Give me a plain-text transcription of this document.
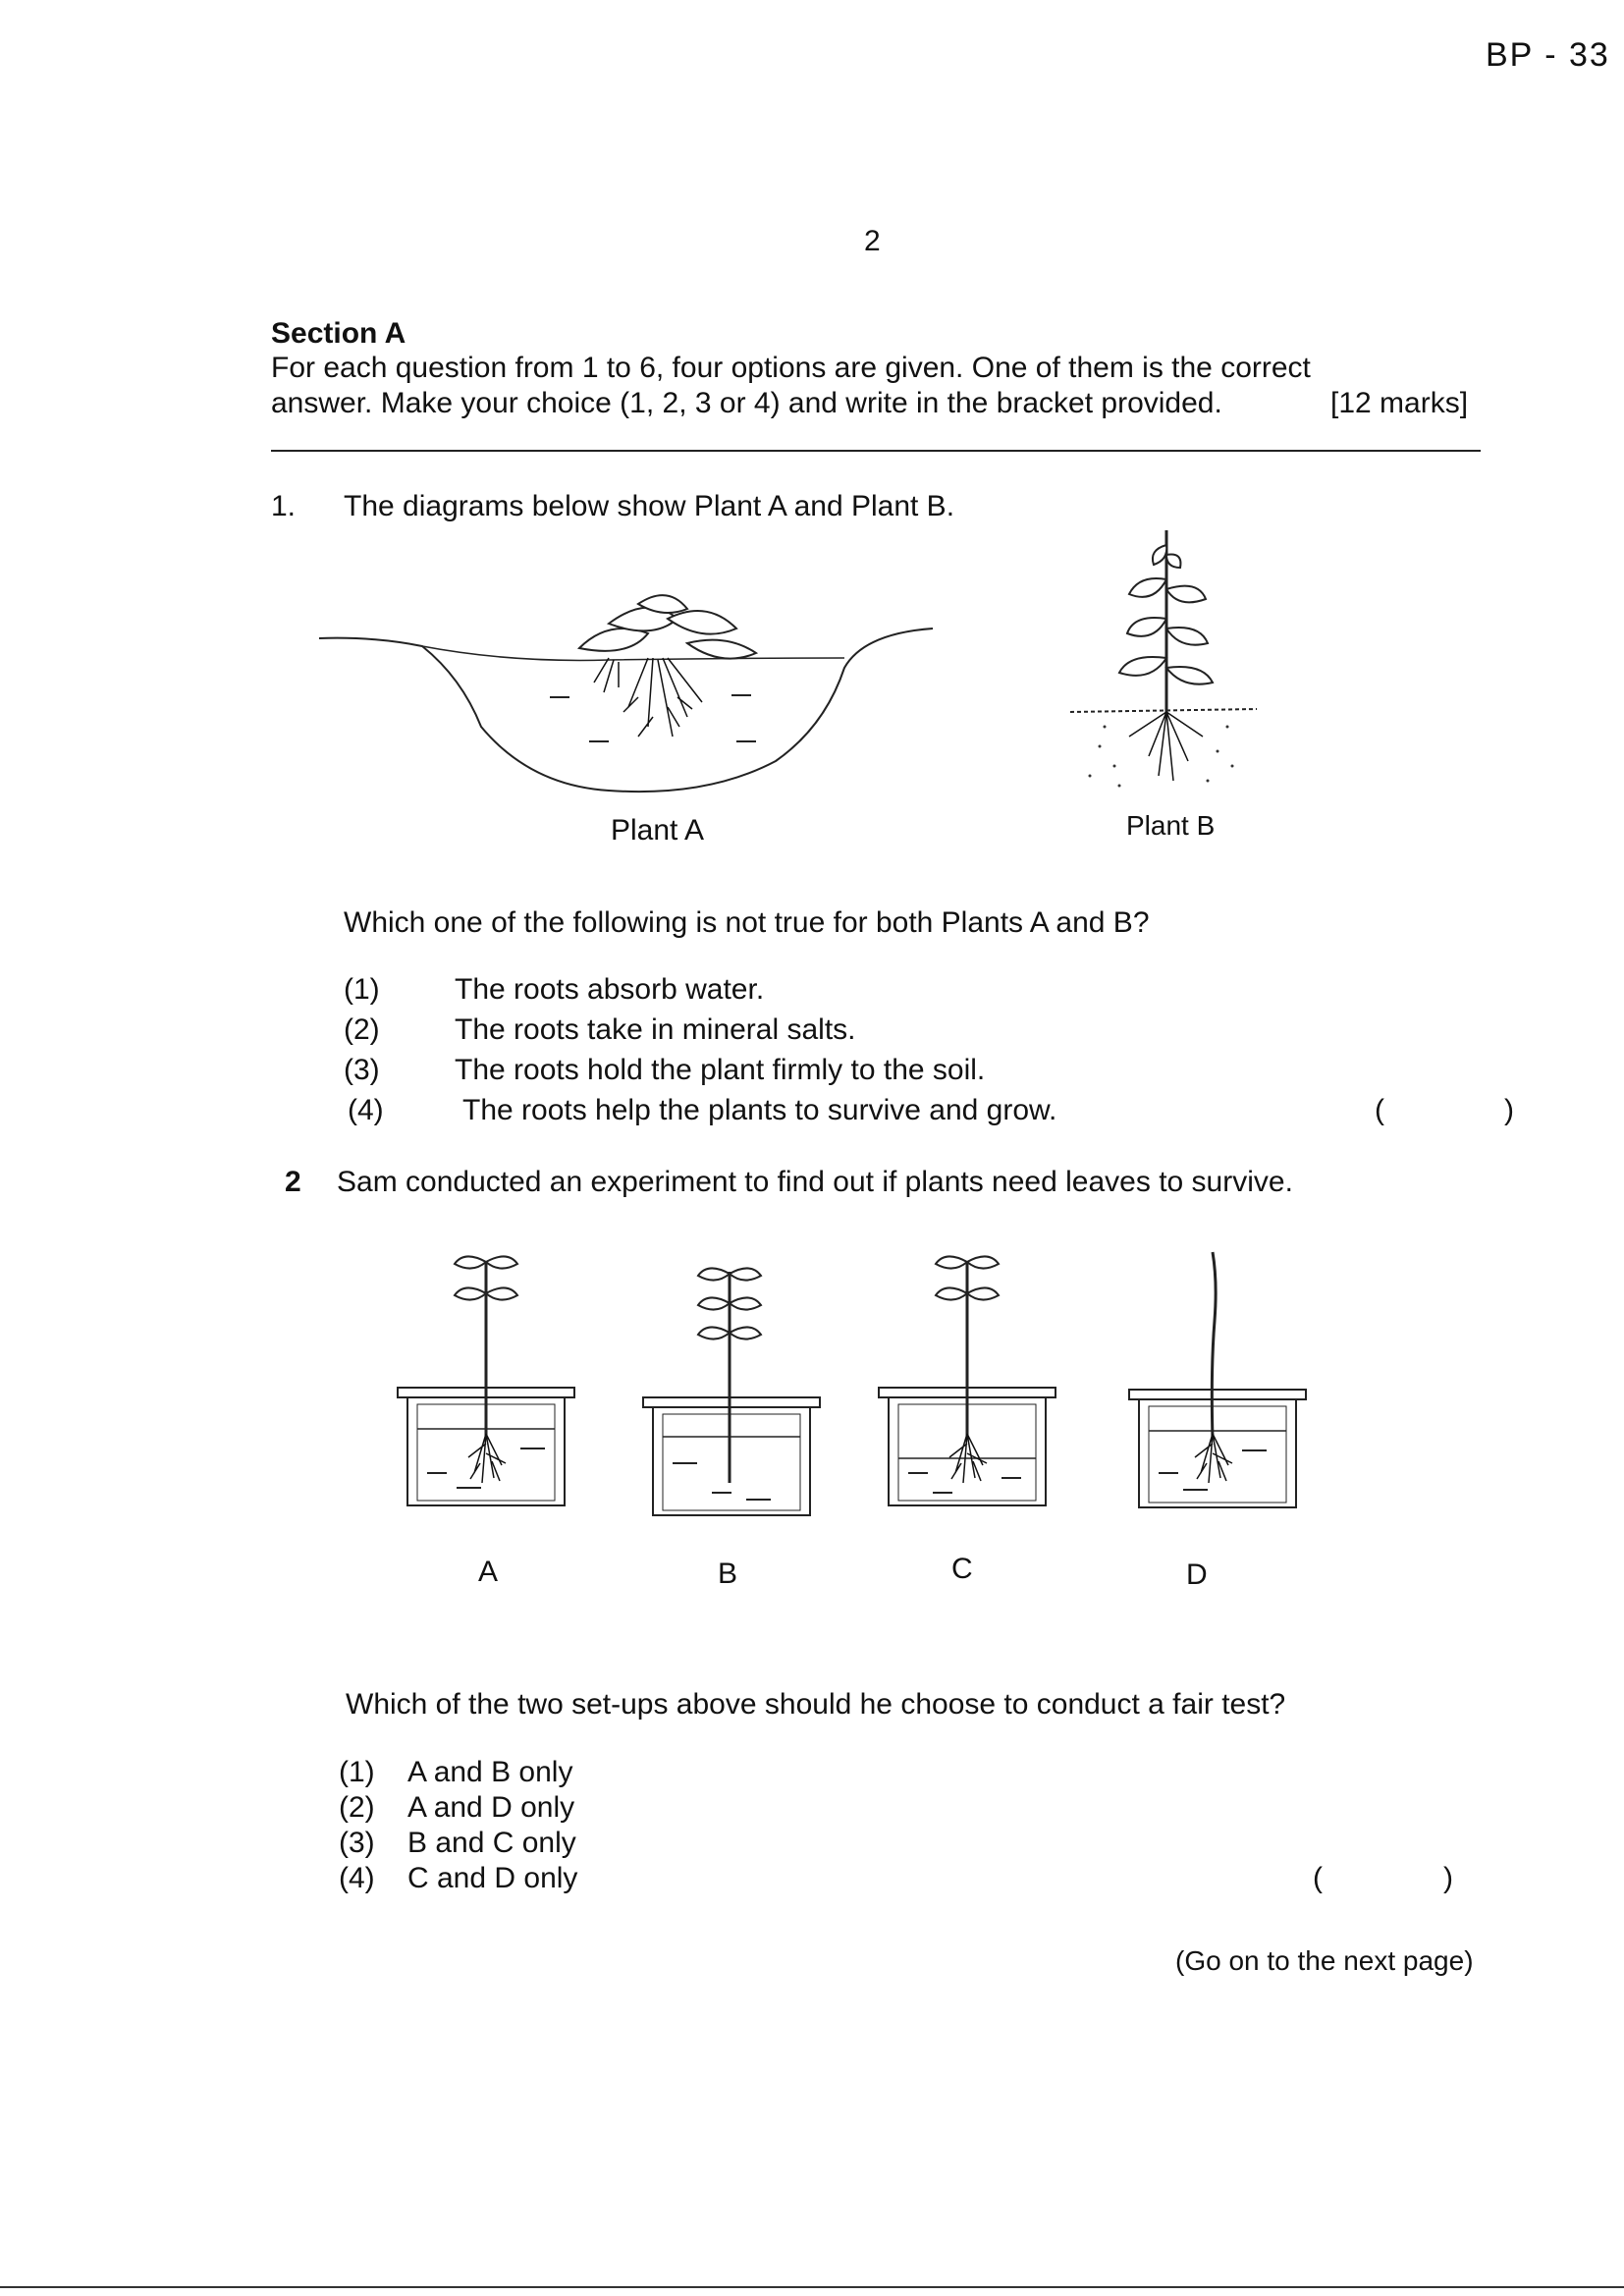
BP - 33
2
Section A
For each question from 1 to 6, four options are given. One of them is the correct
answer. Make your choice (1, 2, 3 or 4) and write in the bracket provided.	[12 marks]
1. The diagrams below show Plant A and Plant B.
Plant A	Plant B
Which one of the following is not true for both Plants A and B?
(1)	The roots absorb water.
(2)	The roots take in mineral salts.
(3)	The roots hold the plant firmly to the soil.
(4)	The roots help the plants to survive and grow.	(	)
2 Sam conducted an experiment to find out if plants need leaves to survive.
A	B	C	D
Which of the two set-ups above should he choose to conduct a fair test?
(1) A and B only
(2) A and D only
(3) B and C only
(4) C and D only	(	)
(Go on to the next page)
